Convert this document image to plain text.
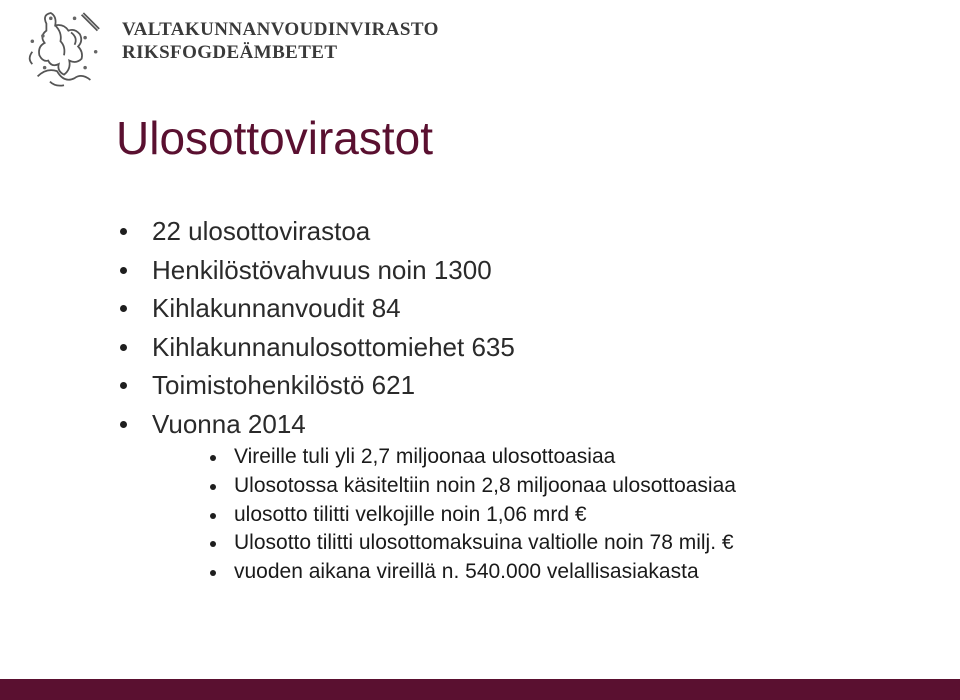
VALTAKUNNANVOUDINVIRASTO
RIKSFOGDEÄMBETET
Ulosottovirastot
22 ulosottovirastoa
Henkilöstövahvuus noin 1300
Kihlakunnanvoudit 84
Kihlakunnanulosottomiehet 635
Toimistohenkilöstö 621
Vuonna 2014
Vireille tuli yli 2,7 miljoonaa ulosottoasiaa
Ulosotossa käsiteltiin noin 2,8 miljoonaa ulosottoasiaa
ulosotto tilitti velkojille noin 1,06 mrd €
Ulosotto tilitti ulosottomaksuina valtiolle noin 78 milj. €
vuoden aikana vireillä n. 540.000 velallisasiakasta
